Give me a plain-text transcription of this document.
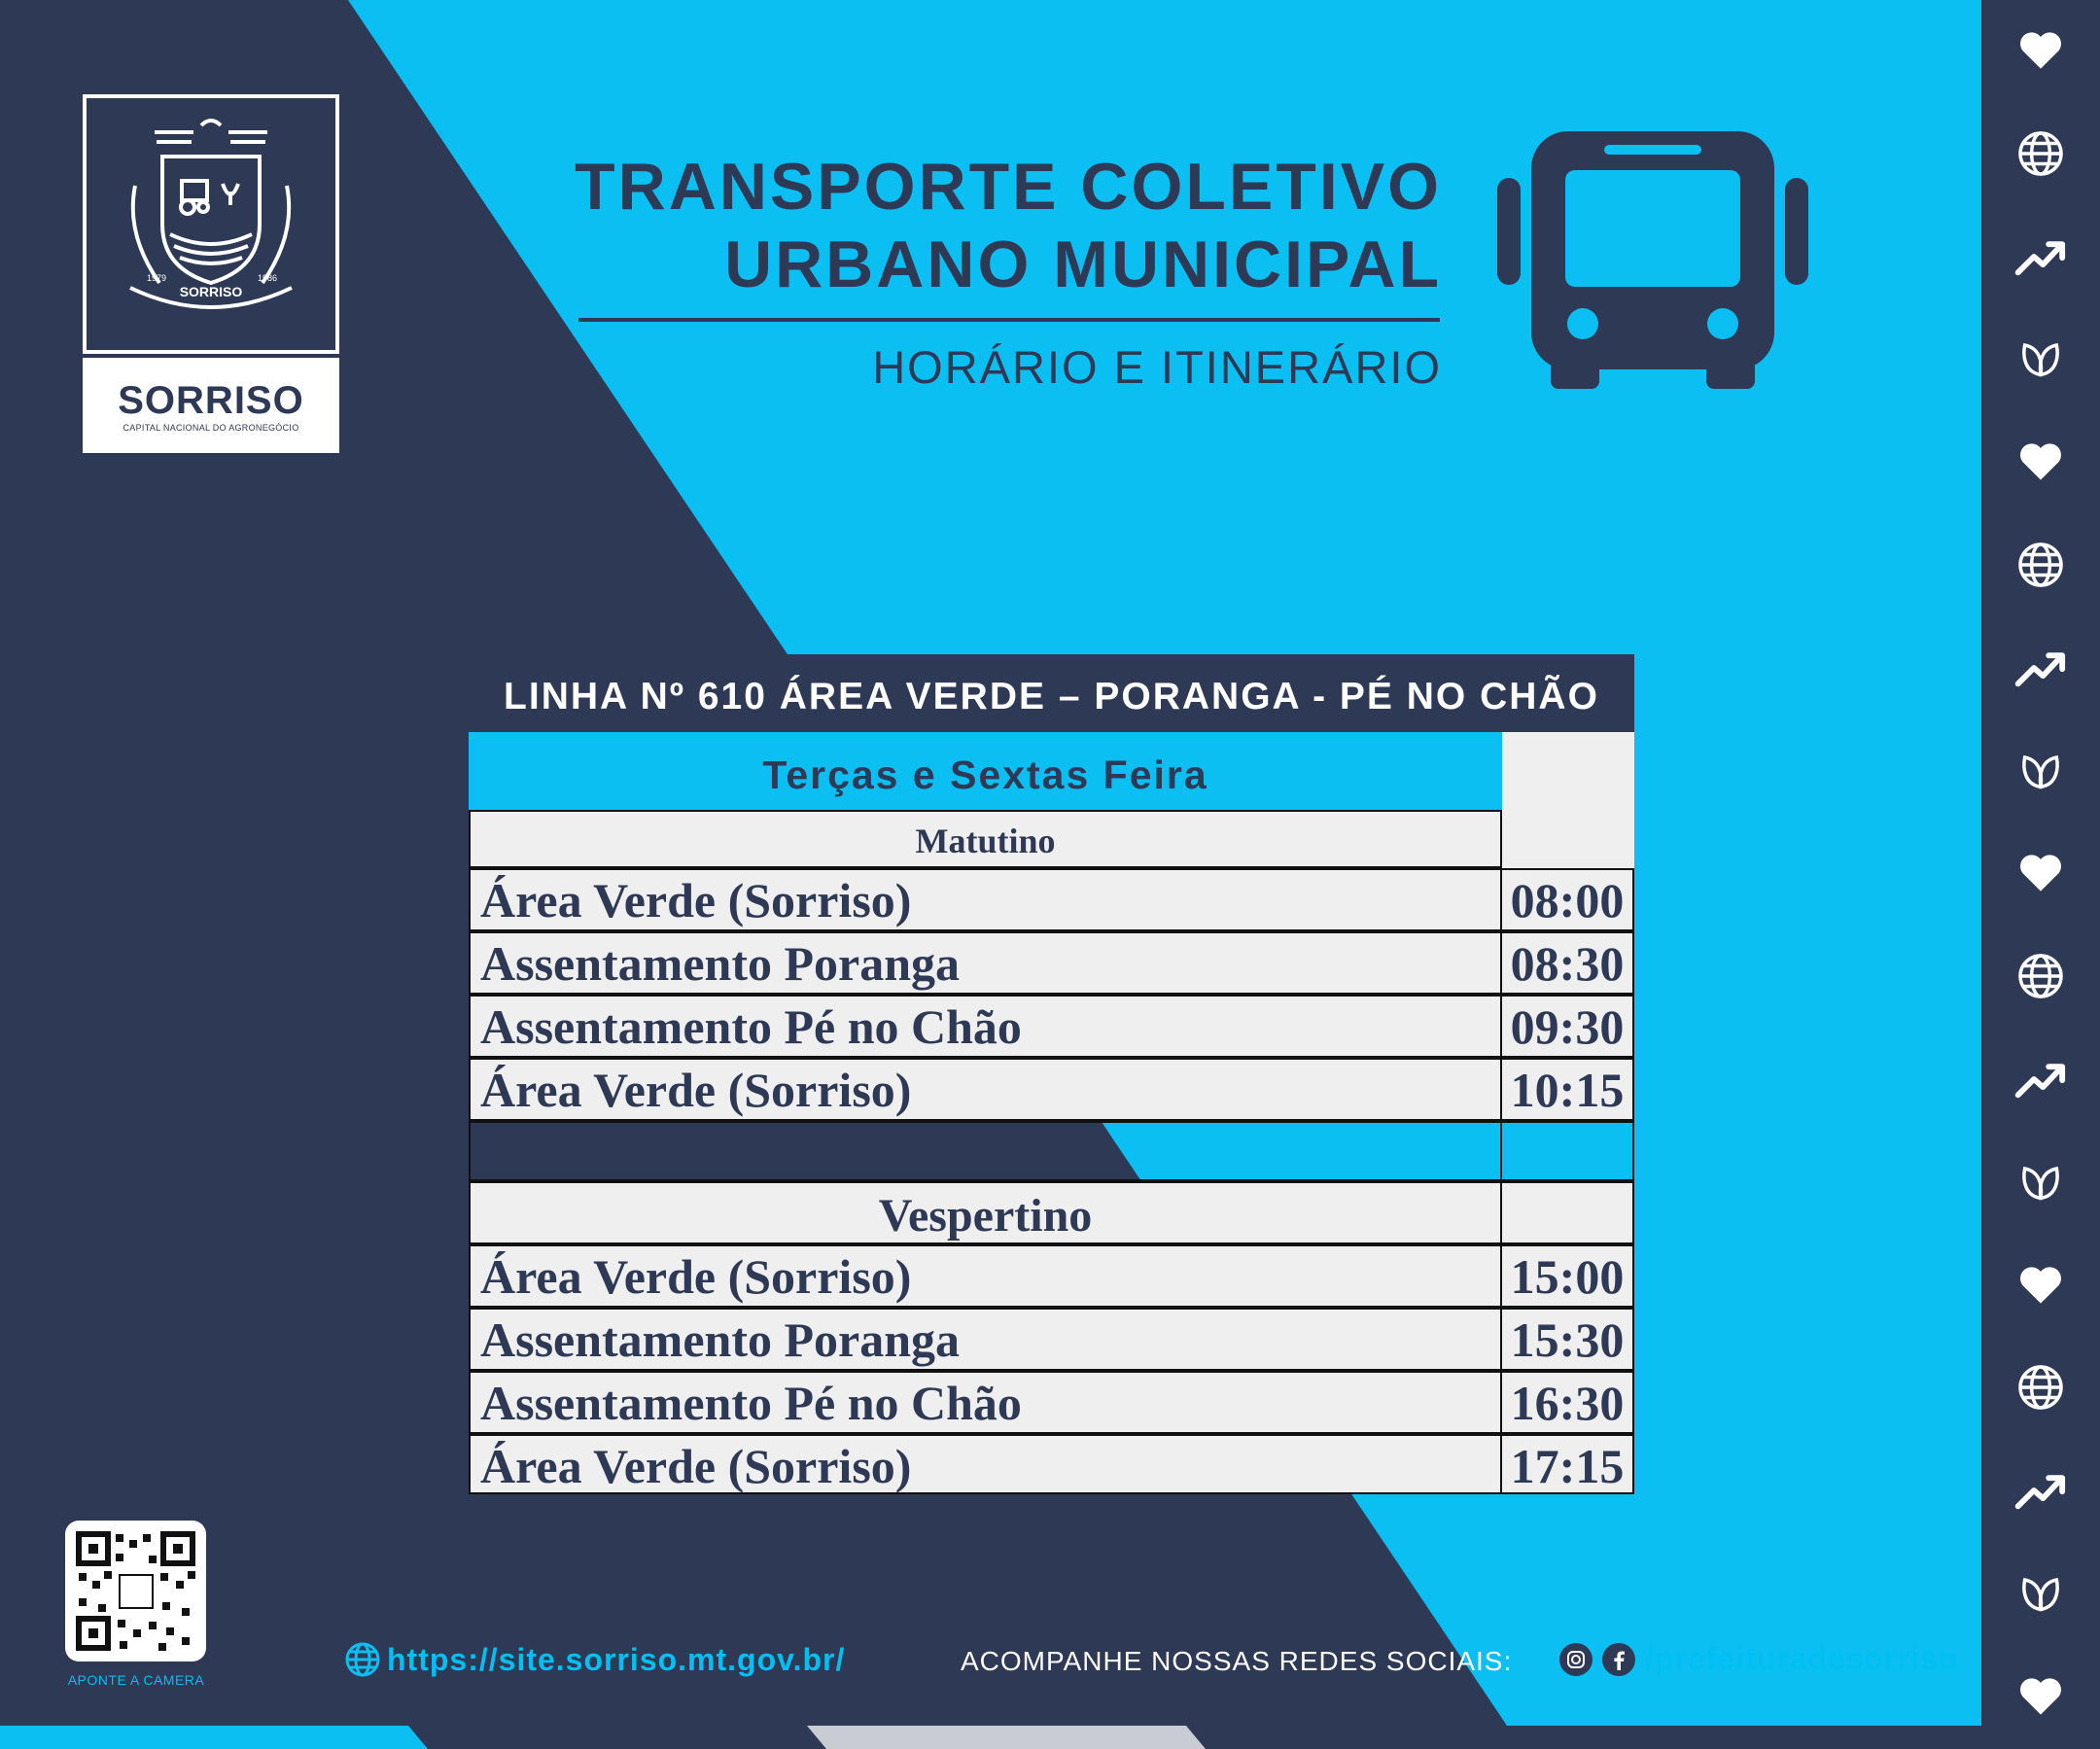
SORRISO
1979	1986
SORRISO
CAPITAL NACIONAL DO AGRONEGÓCIO
TRANSPORTE COLETIVO
URBANO MUNICIPAL
HORÁRIO E ITINERÁRIO
LINHA Nº 610 ÁREA VERDE – PORANGA - PÉ NO CHÃO
Terças e Sextas Feira
Matutino
Área Verde (Sorriso)	08:00
Assentamento Poranga	08:30
Assentamento Pé no Chão	09:30
Área Verde (Sorriso)	10:15
Vespertino
Área Verde (Sorriso)	15:00
Assentamento Poranga	15:30
Assentamento Pé no Chão	16:30
Área Verde (Sorriso)	17:15
APONTE A CAMERA
https://site.sorriso.mt.gov.br/	ACOMPANHE NOSSAS REDES SOCIAIS:	/prefeituradesorriso
